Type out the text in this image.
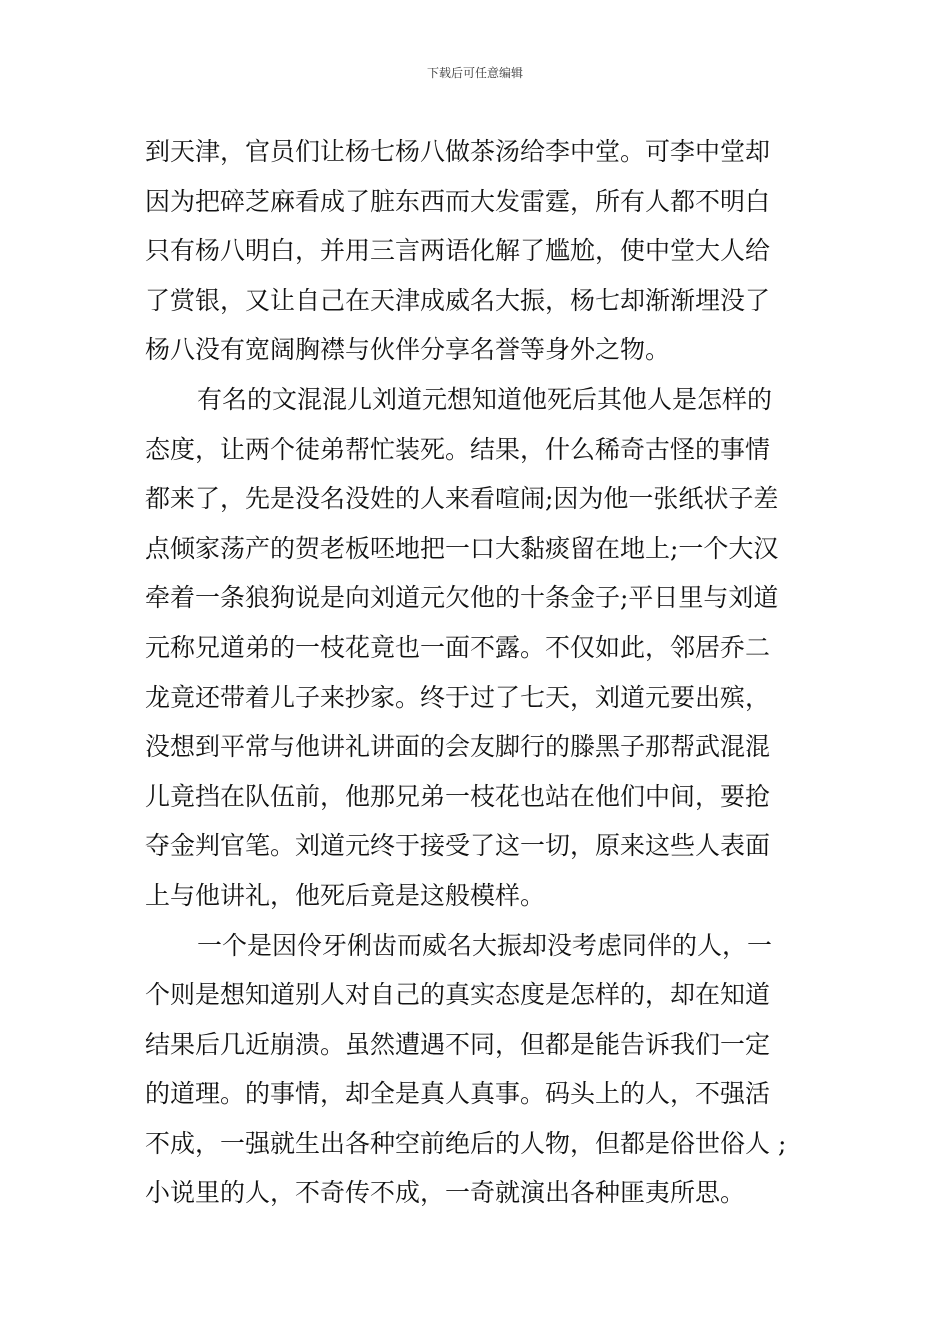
下载后可任意编辑
到天津，官员们让杨七杨八做茶汤给李中堂。可李中堂却
因为把碎芝麻看成了脏东西而大发雷霆，所有人都不明白
只有杨八明白，并用三言两语化解了尴尬，使中堂大人给
了赏银，又让自己在天津成威名大振，杨七却渐渐埋没了
杨八没有宽阔胸襟与伙伴分享名誉等身外之物。
有名的文混混儿刘道元想知道他死后其他人是怎样的
态度，让两个徒弟帮忙装死。结果，什么稀奇古怪的事情
都来了，先是没名没姓的人来看喧闹;因为他一张纸状子差
点倾家荡产的贺老板呸地把一口大黏痰留在地上;一个大汉
牵着一条狼狗说是向刘道元欠他的十条金子;平日里与刘道
元称兄道弟的一枝花竟也一面不露。不仅如此，邻居乔二
龙竟还带着儿子来抄家。终于过了七天，刘道元要出殡，
没想到平常与他讲礼讲面的会友脚行的滕黑子那帮武混混
儿竟挡在队伍前，他那兄弟一枝花也站在他们中间，要抢
夺金判官笔。刘道元终于接受了这一切，原来这些人表面
上与他讲礼，他死后竟是这般模样。
一个是因伶牙俐齿而威名大振却没考虑同伴的人，一
个则是想知道别人对自己的真实态度是怎样的，却在知道
结果后几近崩溃。虽然遭遇不同，但都是能告诉我们一定
的道理。的事情，却全是真人真事。码头上的人，不强活
不成，一强就生出各种空前绝后的人物，但都是俗世俗人 ;
小说里的人，不奇传不成，一奇就演出各种匪夷所思。
